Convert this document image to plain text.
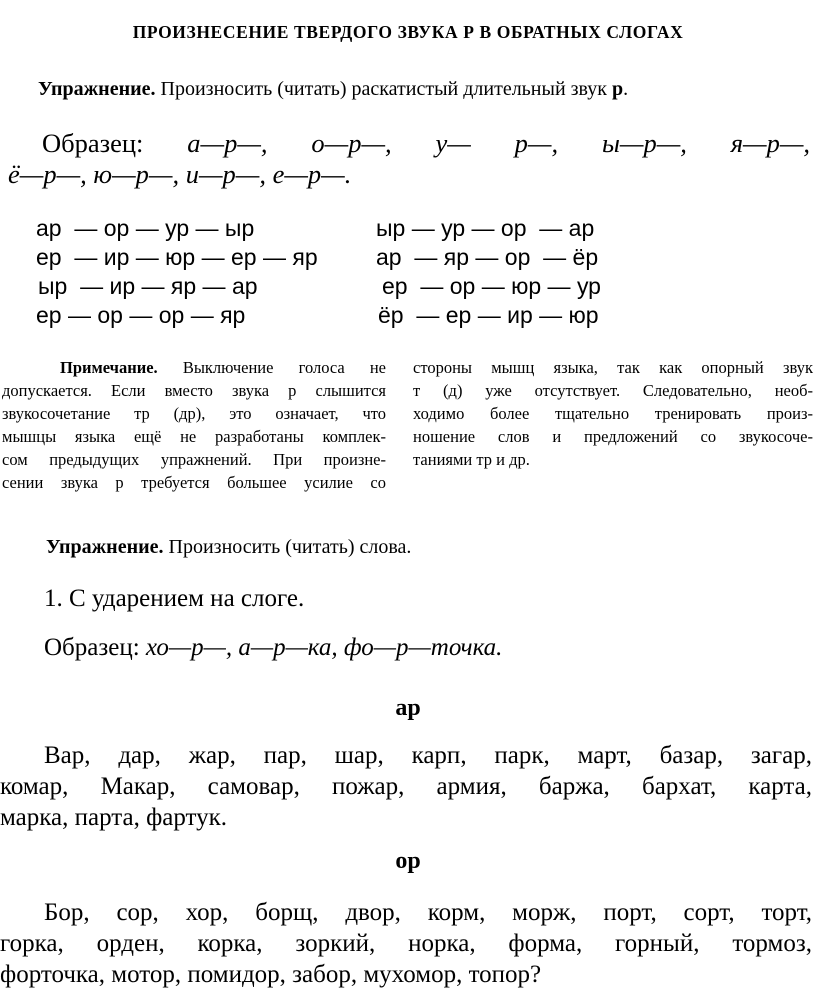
ПРОИЗНЕСЕНИЕ ТВЕРДОГО ЗВУКА Р В ОБРАТНЫХ СЛОГАХ
Упражнение. Произносить (читать) раскатистый длительный звук р.
Образец: а—р—, о—р—, у— р—, ы—р—, я—р—,
ё—р—, ю—р—, и—р—, е—р—.
ар  — ор — ур — ыр
ер  — ир — юр — ер — яр
ыр  — ир — яр — ар
ер — ор — ор — яр
ыр — ур — ор  — ар
ар  — яр — ор  — ёр
ер  — ор — юр — ур
ёр  — ер — ир — юр
Примечание. Выключение голоса не
допускается. Если вместо звука р слышится
звукосочетание тр (др), это означает, что
мышцы языка ещё не разработаны комплек-
сом предыдущих упражнений. При произне-
сении звука р требуется большее усилие со
стороны мышц языка, так как опорный звук
т (д) уже отсутствует. Следовательно, необ-
ходимо более тщательно тренировать произ-
ношение слов и предложений со звукосоче-
таниями тр и др.
Упражнение. Произносить (читать) слова.
1. С ударением на слоге.
Образец: хо—р—, а—р—ка, фо—р—точка.
ар
Вар, дар, жар, пар, шар, карп, парк, март, базар, загар,
комар, Макар, самовар, пожар, армия, баржа, бархат, карта,
марка, парта, фартук.
ор
Бор, сор, хор, борщ, двор, корм, морж, порт, сорт, торт,
горка, орден, корка, зоркий, норка, форма, горный, тормоз,
форточка, мотор, помидор, забор, мухомор, топор?
